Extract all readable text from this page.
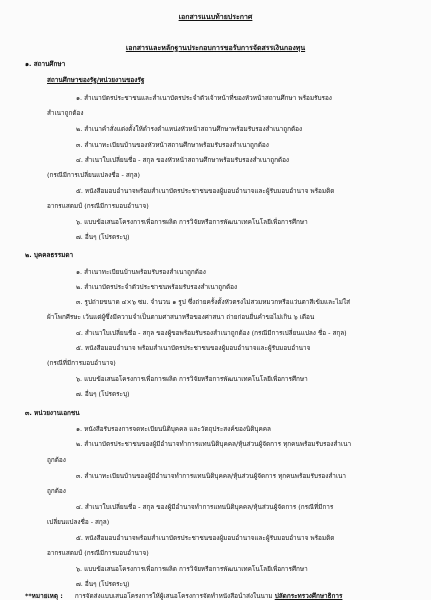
เอกสารแนบท้ายประกาศ
เอกสารและหลักฐานประกอบการขอรับการจัดสรรเงินกองทุน
๑. สถานศึกษา
สถานศึกษาของรัฐ/หน่วยงานของรัฐ
๑. สำเนาบัตรประชาชนและสำเนาบัตรประจำตัวเจ้าหน้าที่ของหัวหน้าสถานศึกษา พร้อมรับรอง
สำเนาถูกต้อง
๒. สำเนาคำสั่งแต่งตั้งให้ดำรงตำแหน่งหัวหน้าสถานศึกษาพร้อมรับรองสำเนาถูกต้อง
๓. สำเนาทะเบียนบ้านของหัวหน้าสถานศึกษาพร้อมรับรองสำเนาถูกต้อง
๔. สำเนาใบเปลี่ยนชื่อ - สกุล ของหัวหน้าสถานศึกษาพร้อมรับรองสำเนาถูกต้อง
(กรณีมีการเปลี่ยนแปลงชื่อ - สกุล)
๕. หนังสือมอบอำนาจพร้อมสำเนาบัตรประชาชนของผู้มอบอำนาจและผู้รับมอบอำนาจ พร้อมติด
อากรแสตมป์ (กรณีมีการมอบอำนาจ)
๖. แบบข้อเสนอโครงการเพื่อการผลิต การวิจัยหรือการพัฒนาเทคโนโลยีเพื่อการศึกษา
๗. อื่นๆ (โปรดระบุ)
๒. บุคคลธรรมดา
๑. สำเนาทะเบียนบ้านพร้อมรับรองสำเนาถูกต้อง
๒. สำเนาบัตรประจำตัวประชาชนพร้อมรับรองสำเนาถูกต้อง
๓. รูปถ่ายขนาด ๔×๖ ซม. จำนวน ๑ รูป ซึ่งถ่ายครั้งตั้งหัวตรงไม่สวมหมวกหรือแว่นตาสีเข้มและไม่ใส่
ผ้าโพกศีรษะ เว้นแต่ผู้ซึ่งมีความจำเป็นตามศาสนาหรือของศาสนา ถ่ายก่อนยื่นคำขอไม่เกิน ๖ เดือน
๔. สำเนาใบเปลี่ยนชื่อ - สกุล ของผู้ขอพร้อมรับรองสำเนาถูกต้อง (กรณีมีการเปลี่ยนแปลง ชื่อ - สกุล)
๕. หนังสือมอบอำนาจ พร้อมสำเนาบัตรประชาชนของผู้มอบอำนาจและผู้รับมอบอำนาจ
(กรณีที่มีการมอบอำนาจ)
๖. แบบข้อเสนอโครงการเพื่อการผลิต การวิจัยหรือการพัฒนาเทคโนโลยีเพื่อการศึกษา
๗. อื่นๆ (โปรดระบุ)
๓. หน่วยงานเอกชน
๑. หนังสือรับรองการจดทะเบียนนิติบุคคล และวัตถุประสงค์ของนิติบุคคล
๒. สำเนาบัตรประชาชนของผู้มีอำนาจทำการแทนนิติบุคคล/หุ้นส่วนผู้จัดการ ทุกคนพร้อมรับรองสำเนา
ถูกต้อง
๓. สำเนาทะเบียนบ้านของผู้มีอำนาจทำการแทนนิติบุคคล/หุ้นส่วนผู้จัดการ ทุกคนพร้อมรับรองสำเนา
ถูกต้อง
๔. สำเนาใบเปลี่ยนชื่อ - สกุล ของผู้มีอำนาจทำการแทนนิติบุคคล/หุ้นส่วนผู้จัดการ (กรณีที่มีการ
เปลี่ยนแปลงชื่อ - สกุล)
๕. หนังสือมอบอำนาจพร้อมสำเนาบัตรประชาชนของผู้มอบอำนาจและผู้รับมอบอำนาจ พร้อมติด
อากรแสตมป์ (กรณีมีการมอบอำนาจ)
๖. แบบข้อเสนอโครงการเพื่อการผลิต การวิจัยหรือการพัฒนาเทคโนโลยีเพื่อการศึกษา
๗. อื่นๆ (โปรดระบุ)
**หมายเหตุ : การจัดส่งแบบเสนอโครงการให้ผู้เสนอโครงการจัดทำหนังสือนำส่งในนาม ปลัดกระทรวงศึกษาธิการ
